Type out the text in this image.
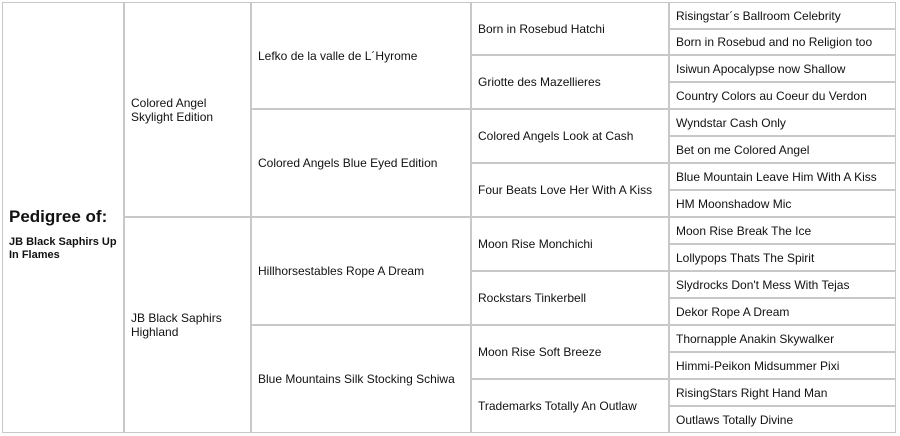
Pedigree of:
JB Black Saphirs Up In Flames
Colored Angel Skylight Edition
JB Black Saphirs Highland
Lefko de la valle de L´Hyrome
Colored Angels Blue Eyed Edition
Hillhorsestables Rope A Dream
Blue Mountains Silk Stocking Schiwa
Born in Rosebud Hatchi
Griotte des Mazellieres
Colored Angels Look at Cash
Four Beats Love Her With A Kiss
Moon Rise Monchichi
Rockstars Tinkerbell
Moon Rise Soft Breeze
Trademarks Totally An Outlaw
Risingstar´s Ballroom Celebrity
Born in Rosebud and no Religion too
Isiwun Apocalypse now Shallow
Country Colors au Coeur du Verdon
Wyndstar Cash Only
Bet on me Colored Angel
Blue Mountain Leave Him With A Kiss
HM Moonshadow Mic
Moon Rise Break The Ice
Lollypops Thats The Spirit
Slydrocks Don't Mess With Tejas
Dekor Rope A Dream
Thornapple Anakin Skywalker
Himmi-Peikon Midsummer Pixi
RisingStars Right Hand Man
Outlaws Totally Divine
